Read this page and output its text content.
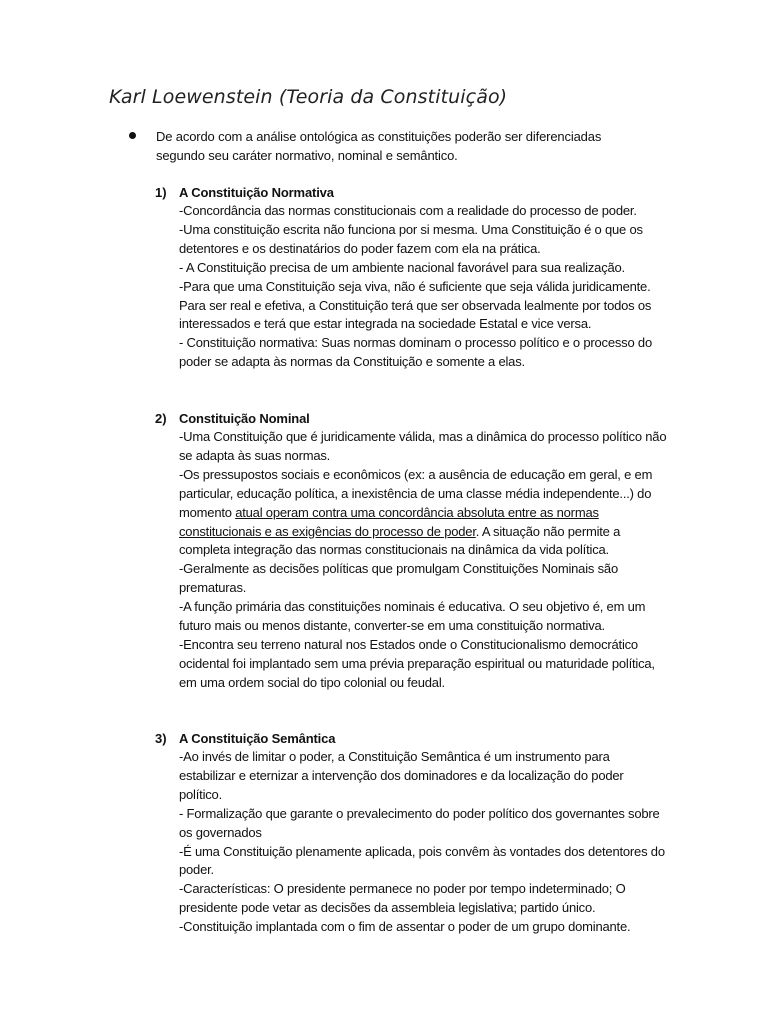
Karl Loewenstein (Teoria da Constituição)
De acordo com a análise ontológica as constituições poderão ser diferenciadas
segundo seu caráter normativo, nominal e semântico.
1) A Constituição Normativa

-Concordância das normas constitucionais com a realidade do processo de poder.

-Uma constituição escrita não funciona por si mesma. Uma Constituição é o que os detentores e os destinatários do poder fazem com ela na prática.

- A Constituição precisa de um ambiente nacional favorável para sua realização.

-Para que uma Constituição seja viva, não é suficiente que seja válida juridicamente. Para ser real e efetiva, a Constituição terá que ser observada lealmente por todos os interessados e terá que estar integrada na sociedade Estatal e vice versa.

- Constituição normativa: Suas normas dominam o processo político e o processo do poder se adapta às normas da Constituição e somente a elas.

2) Constituição Nominal

-Uma Constituição que é juridicamente válida, mas a dinâmica do processo político não se adapta às suas normas.

-Os pressupostos sociais e econômicos (ex: a ausência de educação em geral, e em particular, educação política, a inexistência de uma classe média independente...) do momento atual operam contra uma concordância absoluta entre as normas constitucionais e as exigências do processo de poder. A situação não permite a completa integração das normas constitucionais na dinâmica da vida política.

-Geralmente as decisões políticas que promulgam Constituições Nominais são prematuras.

-A função primária das constituições nominais é educativa. O seu objetivo é, em um futuro mais ou menos distante, converter-se em uma constituição normativa.

-Encontra seu terreno natural nos Estados onde o Constitucionalismo democrático ocidental foi implantado sem uma prévia preparação espiritual ou maturidade política, em uma ordem social do tipo colonial ou feudal.

3) A Constituição Semântica

-Ao invés de limitar o poder, a Constituição Semântica é um instrumento para estabilizar e eternizar a intervenção dos dominadores e da localização do poder político.

- Formalização que garante o prevalecimento do poder político dos governantes sobre os governados

-É uma Constituição plenamente aplicada, pois convêm às vontades dos detentores do poder.

-Características: O presidente permanece no poder por tempo indeterminado; O presidente pode vetar as decisões da assembleia legislativa; partido único.

-Constituição implantada com o fim de assentar o poder de um grupo dominante.
